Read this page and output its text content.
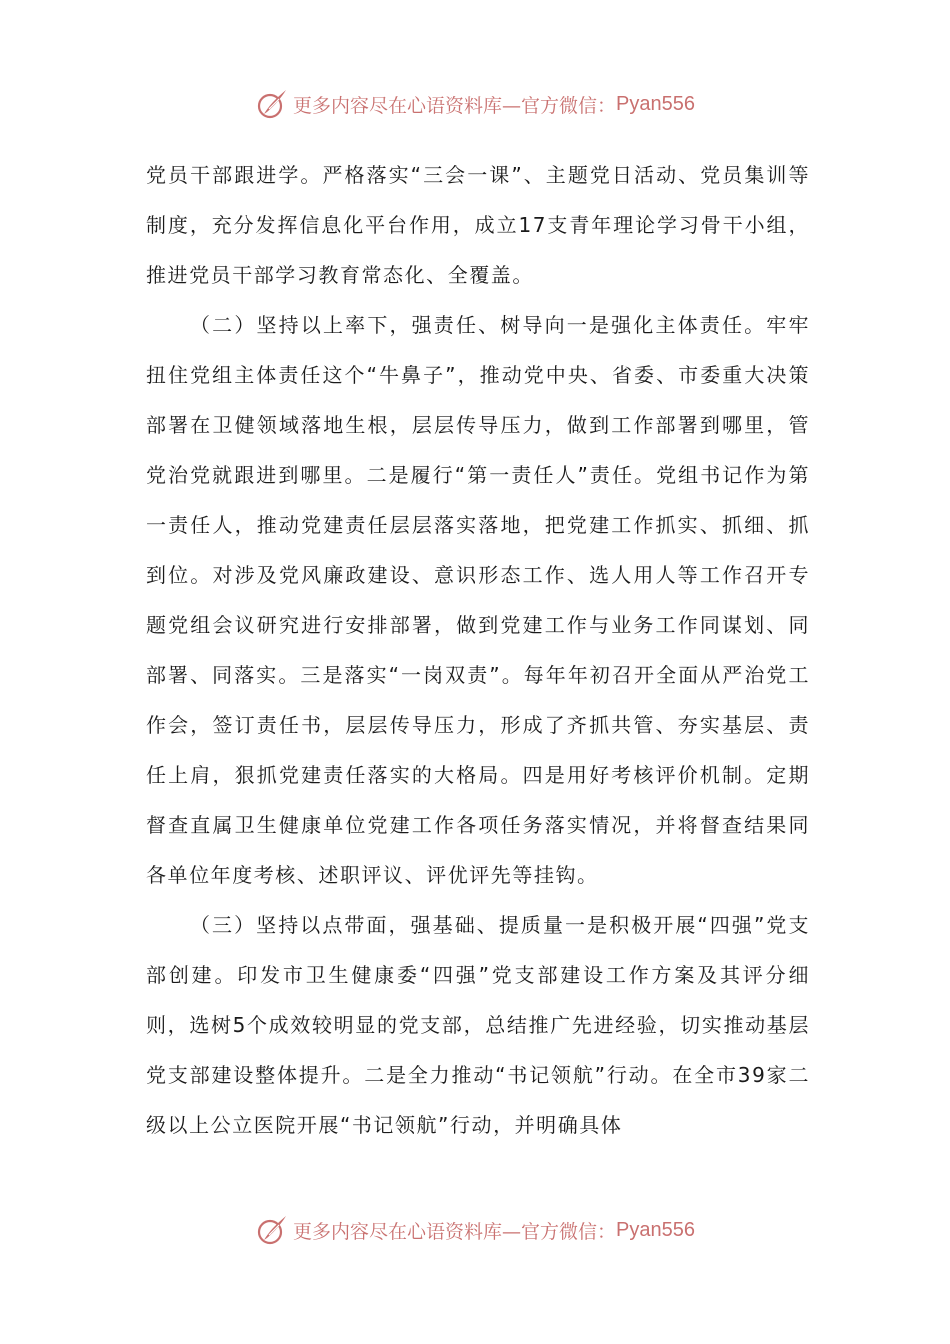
更多内容尽在心语资料库—官方微信： Pyan556

党员干部跟进学。严格落实“三会一课”、主题党日活动、党员集训等制度，充分发挥信息化平台作用，成立17支青年理论学习骨干小组，推进党员干部学习教育常态化、全覆盖。

（二）坚持以上率下，强责任、树导向一是强化主体责任。牢牢扭住党组主体责任这个“牛鼻子”，推动党中央、省委、市委重大决策部署在卫健领域落地生根，层层传导压力，做到工作部署到哪里，管党治党就跟进到哪里。二是履行“第一责任人”责任。党组书记作为第一责任人，推动党建责任层层落实落地，把党建工作抓实、抓细、抓到位。对涉及党风廉政建设、意识形态工作、选人用人等工作召开专题党组会议研究进行安排部署，做到党建工作与业务工作同谋划、同部署、同落实。三是落实“一岗双责”。每年年初召开全面从严治党工作会，签订责任书，层层传导压力，形成了齐抓共管、夯实基层、责任上肩，狠抓党建责任落实的大格局。四是用好考核评价机制。定期督查直属卫生健康单位党建工作各项任务落实情况，并将督查结果同各单位年度考核、述职评议、评优评先等挂钩。

（三）坚持以点带面，强基础、提质量一是积极开展“四强”党支部创建。印发市卫生健康委“四强”党支部建设工作方案及其评分细则，选树5个成效较明显的党支部，总结推广先进经验，切实推动基层党支部建设整体提升。二是全力推动“书记领航”行动。在全市39家二级以上公立医院开展“书记领航”行动，并明确具体

更多内容尽在心语资料库—官方微信： Pyan556
